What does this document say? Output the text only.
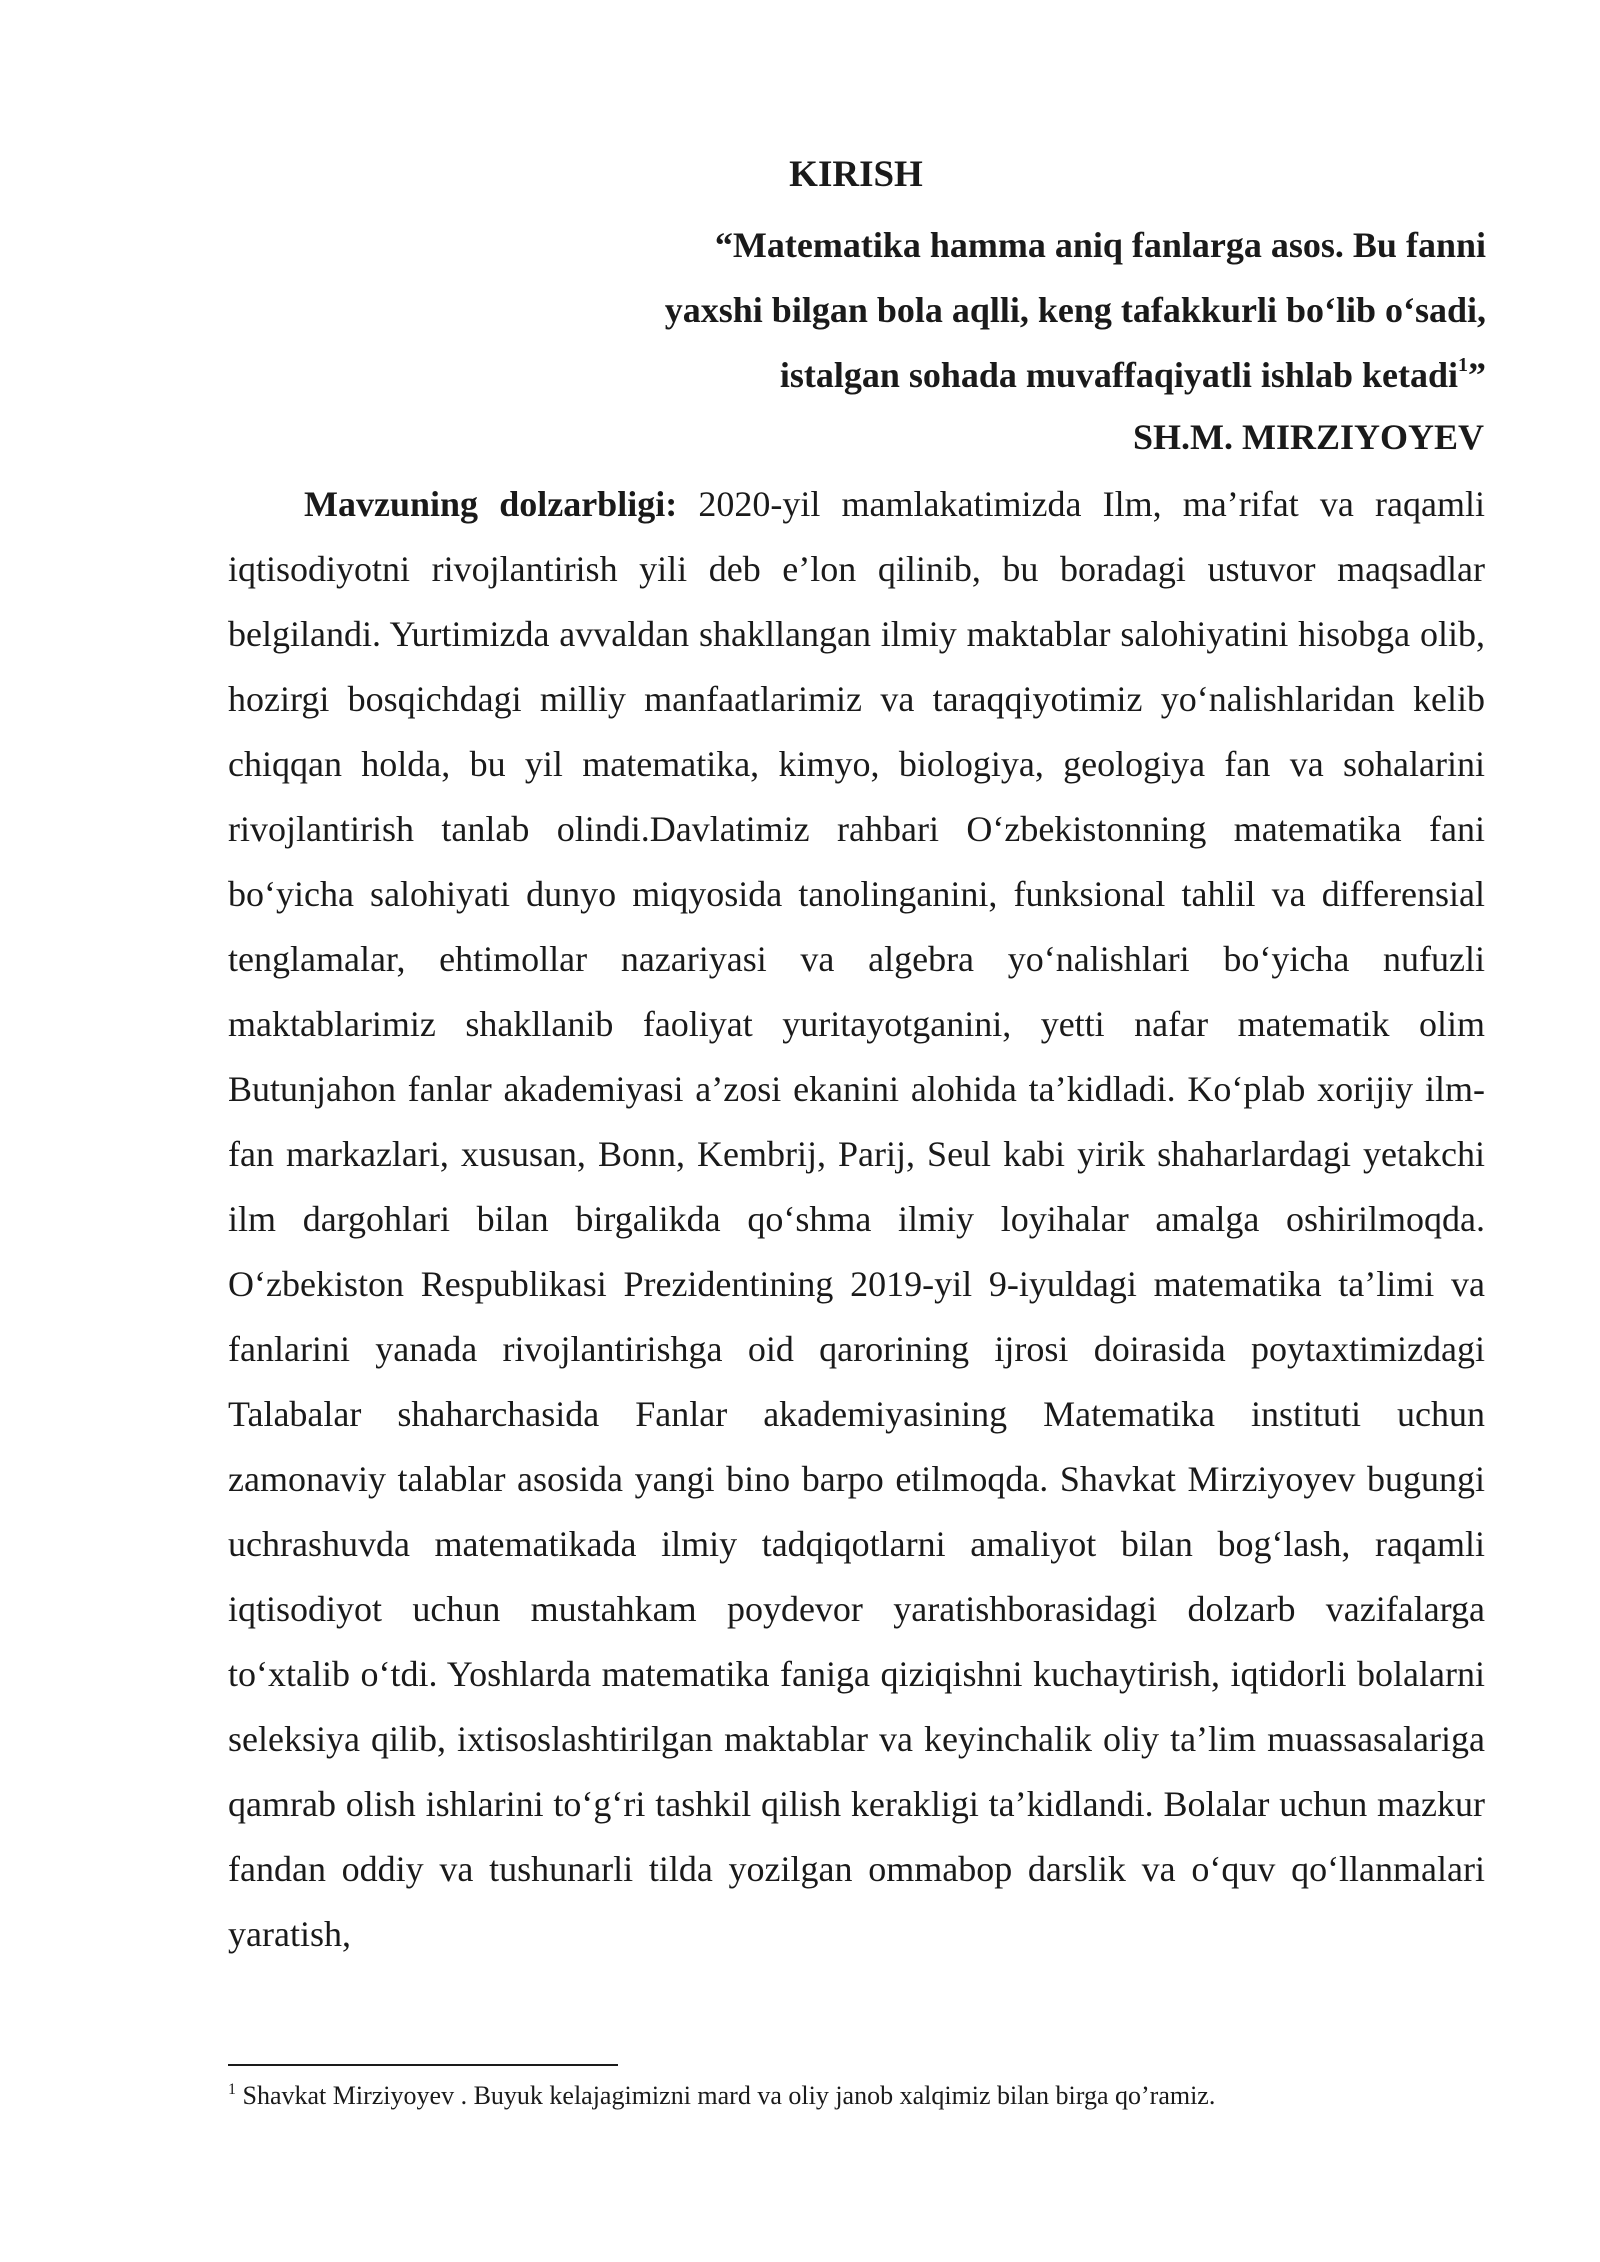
KIRISH
“Matematika hamma aniq fanlarga asos. Bu fanni
yaxshi bilgan bola aqlli, keng tafakkurli bo‘lib o‘sadi,
istalgan sohada muvaffaqiyatli ishlab ketadi$^1$”
SH.M. MIRZIYOYEV

Mavzuning dolzarbligi: 2020-yil mamlakatimizda Ilm, ma’rifat va raqamli iqtisodiyotni rivojlantirish yili deb e’lon qilinib, bu boradagi ustuvor maqsadlar belgilandi. Yurtimizda avvaldan shakllangan ilmiy maktablar salohiyatini hisobga olib, hozirgi bosqichdagi milliy manfaatlarimiz va taraqqiyotimiz yo‘nalishlaridan kelib chiqqan holda, bu yil matematika, kimyo, biologiya, geologiya fan va sohalarini rivojlantirish tanlab olindi.Davlatimiz rahbari O‘zbekistonning matematika fani bo‘yicha salohiyati dunyo miqyosida tanolinganini, funksional tahlil va differensial tenglamalar, ehtimollar nazariyasi va algebra yo‘nalishlari bo‘yicha nufuzli maktablarimiz shakllanib faoliyat yuritayotganini, yetti nafar matematik olim Butunjahon fanlar akademiyasi a’zosi ekanini alohida ta’kidladi. Ko‘plab xorijiy ilm-fan markazlari, xususan, Bonn, Kembrij, Parij, Seul kabi yirik shaharlardagi yetakchi ilm dargohlari bilan birgalikda qo‘shma ilmiy loyihalar amalga oshirilmoqda. O‘zbekiston Respublikasi Prezidentining 2019-yil 9-iyuldagi matematika ta’limi va fanlarini yanada rivojlantirishga oid qarorining ijrosi doirasida poytaxtimizdagi Talabalar shaharchasida Fanlar akademiyasining Matematika instituti uchun zamonaviy talablar asosida yangi bino barpo etilmoqda. Shavkat Mirziyoyev bugungi uchrashuvda matematikada ilmiy tadqiqotlarni amaliyot bilan bog‘lash, raqamli iqtisodiyot uchun mustahkam poydevor yaratishborasidagi dolzarb vazifalarga to‘xtalib o‘tdi. Yoshlarda matematika faniga qiziqishni kuchaytirish, iqtidorli bolalarni seleksiya qilib, ixtisoslashtirilgan maktablar va keyinchalik oliy ta’lim muassasalariga qamrab olish ishlarini to‘g‘ri tashkil qilish kerakligi ta’kidlandi. Bolalar uchun mazkur fandan oddiy va tushunarli tilda yozilgan ommabop darslik va o‘quv qo‘llanmalari yaratish,

$^1$ Shavkat Mirziyoyev . Buyuk kelajagimizni mard va oliy janob xalqimiz bilan birga qo’ramiz.
